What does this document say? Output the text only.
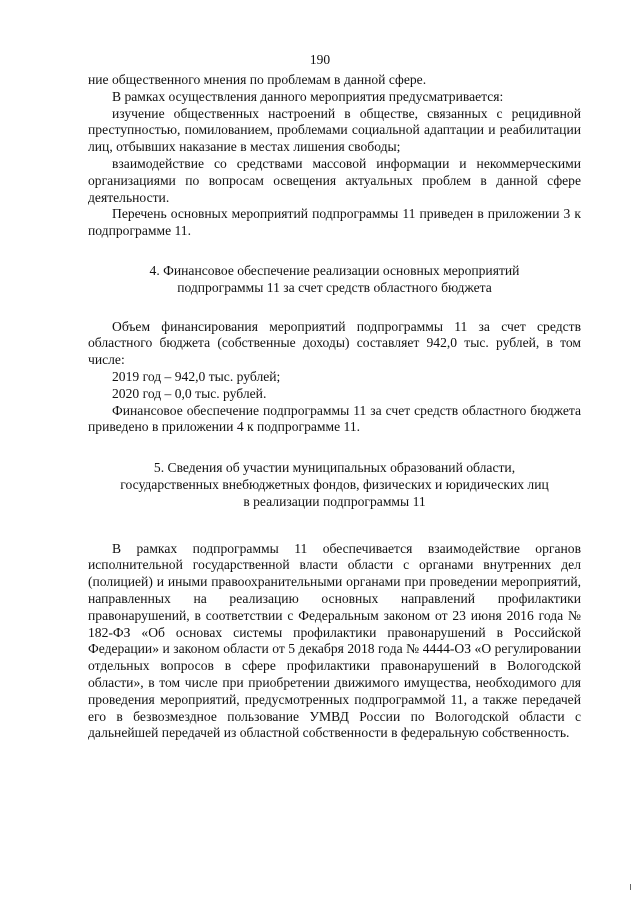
190

ние общественного мнения по проблемам в данной сфере.

В рамках осуществления данного мероприятия предусматривается:

изучение общественных настроений в обществе, связанных с рецидивной преступностью, помилованием, проблемами социальной адаптации и реабилитации лиц, отбывших наказание в местах лишения свободы;

взаимодействие со средствами массовой информации и некоммерческими организациями по вопросам освещения актуальных проблем в данной сфере деятельности.

Перечень основных мероприятий подпрограммы 11 приведен в приложении 3 к подпрограмме 11.

4. Финансовое обеспечение реализации основных мероприятий
подпрограммы 11 за счет средств областного бюджета

Объем финансирования мероприятий подпрограммы 11 за счет средств областного бюджета (собственные доходы) составляет 942,0 тыс. рублей, в том числе:

2019 год – 942,0 тыс. рублей;

2020 год – 0,0 тыс. рублей.

Финансовое обеспечение подпрограммы 11 за счет средств областного бюджета приведено в приложении 4 к подпрограмме 11.

5. Сведения об участии муниципальных образований области,
государственных внебюджетных фондов, физических и юридических лиц
в реализации подпрограммы 11

В рамках подпрограммы 11 обеспечивается взаимодействие органов исполнительной государственной власти области с органами внутренних дел (полицией) и иными правоохранительными органами при проведении мероприятий, направленных на реализацию основных направлений профилактики правонарушений, в соответствии с Федеральным законом от 23 июня 2016 года № 182-ФЗ «Об основах системы профилактики правонарушений в Российской Федерации» и законом области от 5 декабря 2018 года № 4444-ОЗ «О регулировании отдельных вопросов в сфере профилактики правонарушений в Вологодской области», в том числе при приобретении движимого имущества, необходимого для проведения мероприятий, предусмотренных подпрограммой 11, а также передачей его в безвозмездное пользование УМВД России по Вологодской области с дальнейшей передачей из областной собственности в федеральную собственность.
